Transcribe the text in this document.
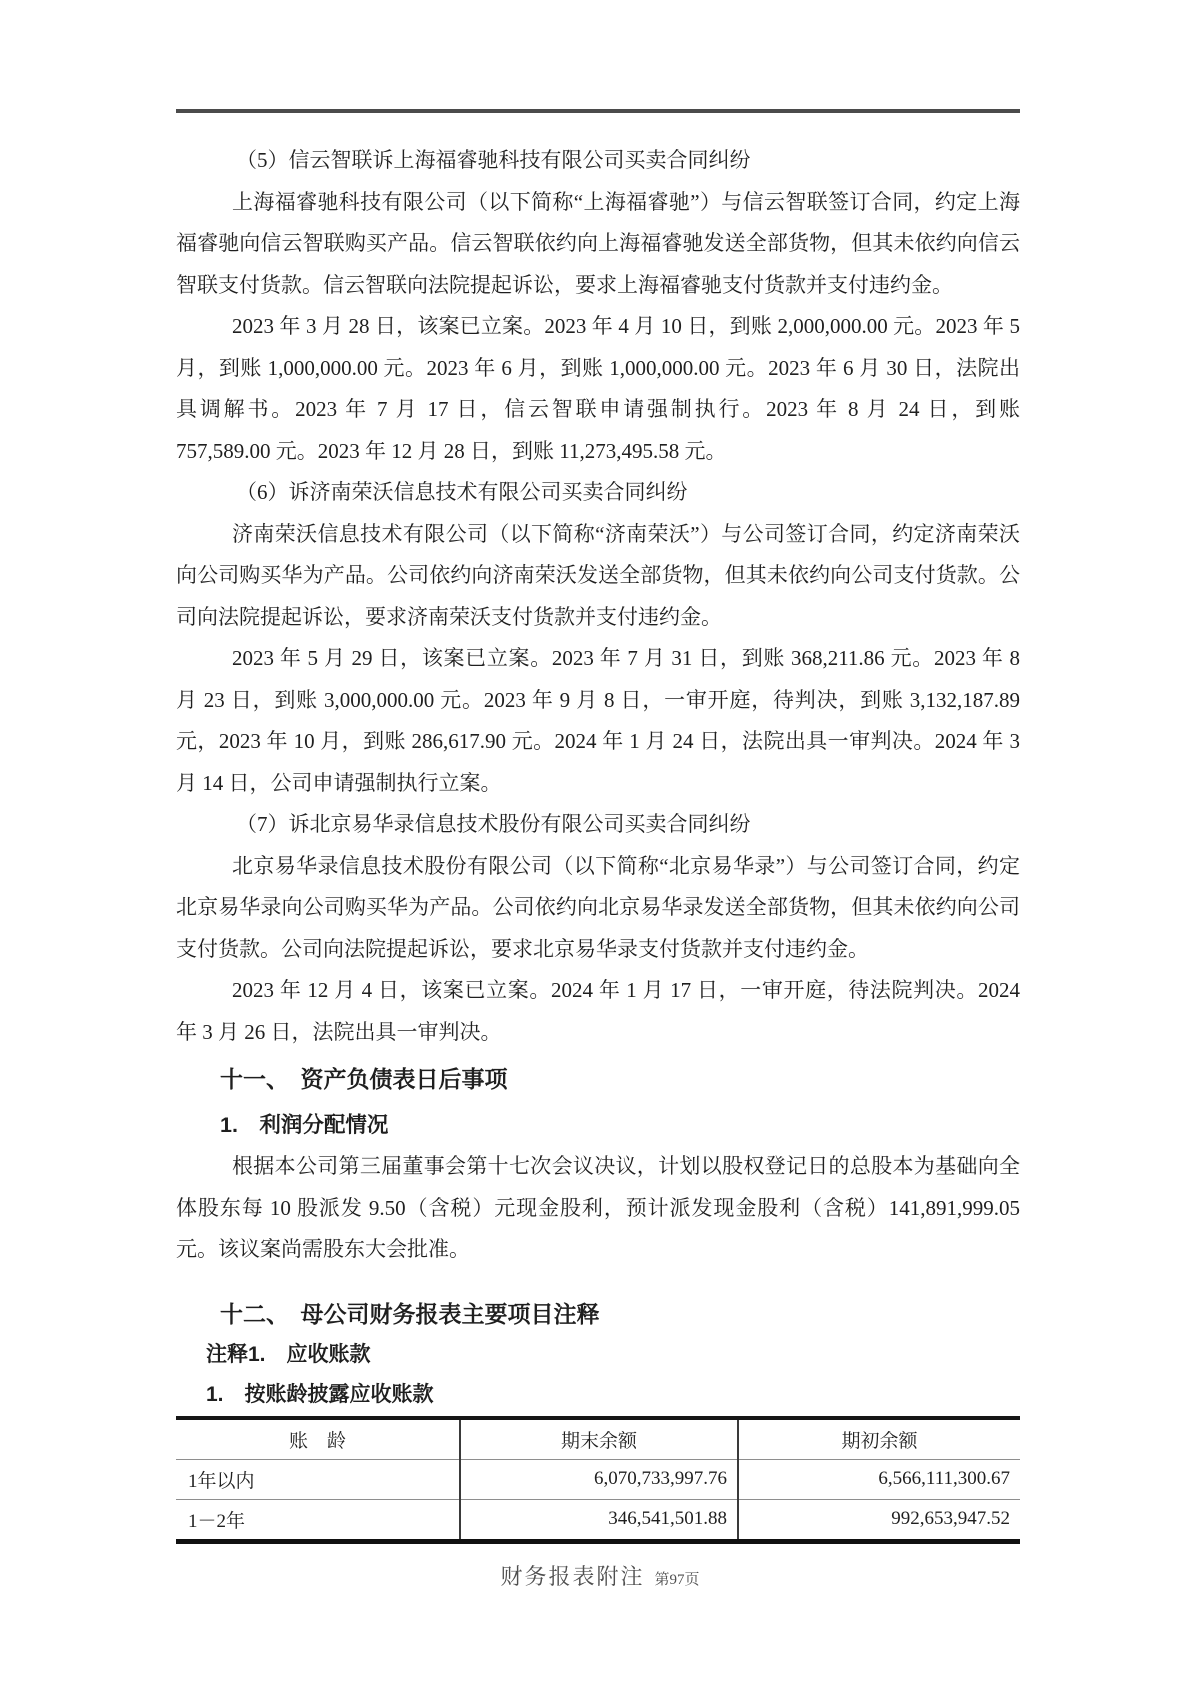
（5）信云智联诉上海福睿驰科技有限公司买卖合同纠纷

上海福睿驰科技有限公司（以下简称“上海福睿驰”）与信云智联签订合同，约定上海福睿驰向信云智联购买产品。信云智联依约向上海福睿驰发送全部货物，但其未依约向信云智联支付货款。信云智联向法院提起诉讼，要求上海福睿驰支付货款并支付违约金。

2023 年 3 月 28 日，该案已立案。2023 年 4 月 10 日，到账 2,000,000.00 元。2023 年 5 月，到账 1,000,000.00 元。2023 年 6 月，到账 1,000,000.00 元。2023 年 6 月 30 日，法院出具调解书。2023 年 7 月 17 日，信云智联申请强制执行。2023 年 8 月 24 日，到账 757,589.00 元。2023 年 12 月 28 日，到账 11,273,495.58 元。

（6）诉济南荣沃信息技术有限公司买卖合同纠纷

济南荣沃信息技术有限公司（以下简称“济南荣沃”）与公司签订合同，约定济南荣沃向公司购买华为产品。公司依约向济南荣沃发送全部货物，但其未依约向公司支付货款。公司向法院提起诉讼，要求济南荣沃支付货款并支付违约金。

2023 年 5 月 29 日，该案已立案。2023 年 7 月 31 日，到账 368,211.86 元。2023 年 8 月 23 日，到账 3,000,000.00 元。2023 年 9 月 8 日，一审开庭，待判决，到账 3,132,187.89 元，2023 年 10 月，到账 286,617.90 元。2024 年 1 月 24 日，法院出具一审判决。2024 年 3 月 14 日，公司申请强制执行立案。

（7）诉北京易华录信息技术股份有限公司买卖合同纠纷

北京易华录信息技术股份有限公司（以下简称“北京易华录”）与公司签订合同，约定北京易华录向公司购买华为产品。公司依约向北京易华录发送全部货物，但其未依约向公司支付货款。公司向法院提起诉讼，要求北京易华录支付货款并支付违约金。

2023 年 12 月 4 日，该案已立案。2024 年 1 月 17 日，一审开庭，待法院判决。2024 年 3 月 26 日，法院出具一审判决。

十一、　资产负债表日后事项
1.　利润分配情况

根据本公司第三届董事会第十七次会议决议，计划以股权登记日的总股本为基础向全体股东每 10 股派发 9.50（含税）元现金股利，预计派发现金股利（含税）141,891,999.05 元。该议案尚需股东大会批准。

十二、　母公司财务报表主要项目注释
注释1.　应收账款
1.　按账龄披露应收账款
账　龄	期末余额	期初余额
1年以内	6,070,733,997.76	6,566,111,300.67
1－2年	346,541,501.88	992,653,947.52
财务报表附注 第97页
